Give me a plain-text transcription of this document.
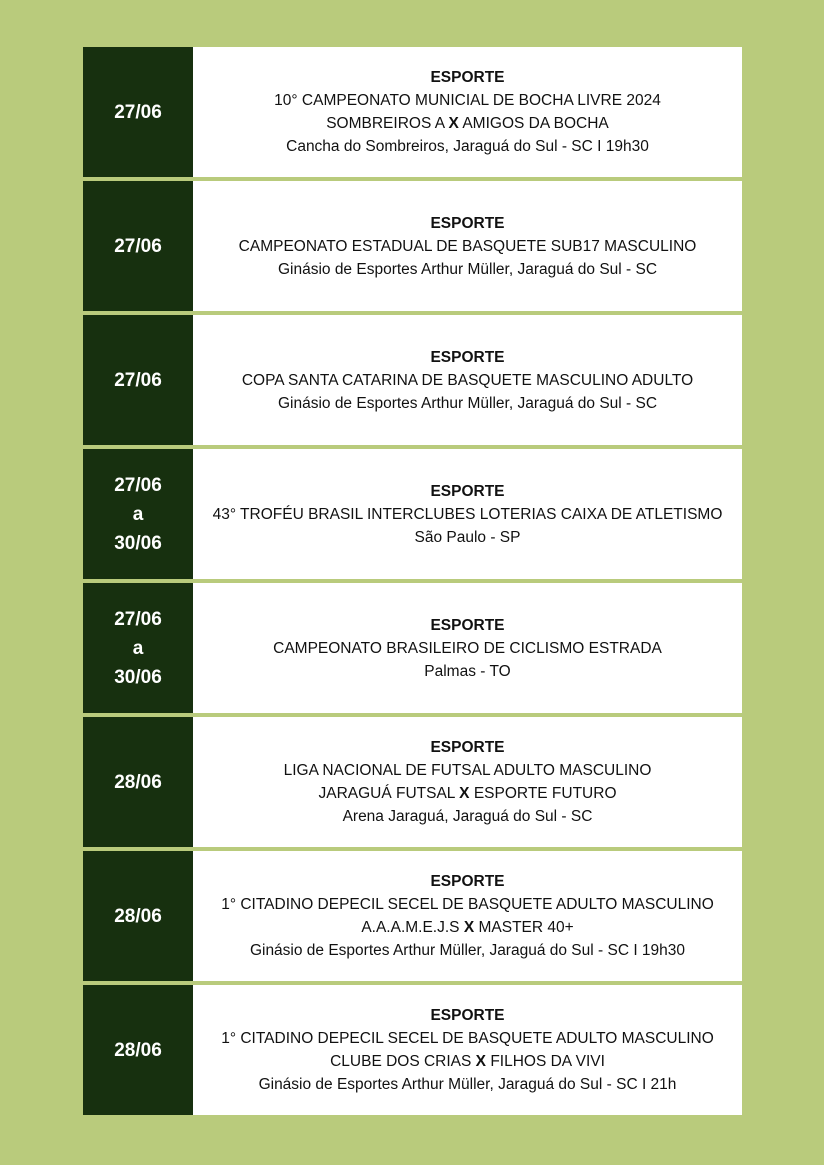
27/06
ESPORTE
10° CAMPEONATO MUNICIAL DE BOCHA LIVRE 2024
SOMBREIROS A X AMIGOS DA BOCHA
Cancha do Sombreiros, Jaraguá do Sul - SC I 19h30
27/06
ESPORTE
CAMPEONATO ESTADUAL DE BASQUETE SUB17 MASCULINO
Ginásio de Esportes Arthur Müller, Jaraguá do Sul - SC
27/06
ESPORTE
COPA SANTA CATARINA DE BASQUETE MASCULINO ADULTO
Ginásio de Esportes Arthur Müller, Jaraguá do Sul - SC
27/06
a
30/06
ESPORTE
43° TROFÉU BRASIL INTERCLUBES LOTERIAS CAIXA DE ATLETISMO
São Paulo - SP
27/06
a
30/06
ESPORTE
CAMPEONATO BRASILEIRO DE CICLISMO ESTRADA
Palmas - TO
28/06
ESPORTE
LIGA NACIONAL DE FUTSAL ADULTO MASCULINO
JARAGUÁ FUTSAL X ESPORTE FUTURO
Arena Jaraguá, Jaraguá do Sul - SC
28/06
ESPORTE
1° CITADINO DEPECIL SECEL DE BASQUETE ADULTO MASCULINO
A.A.A.M.E.J.S X MASTER 40+
Ginásio de Esportes Arthur Müller, Jaraguá do Sul - SC I 19h30
28/06
ESPORTE
1° CITADINO DEPECIL SECEL DE BASQUETE ADULTO MASCULINO
CLUBE DOS CRIAS X FILHOS DA VIVI
Ginásio de Esportes Arthur Müller, Jaraguá do Sul - SC I 21h
